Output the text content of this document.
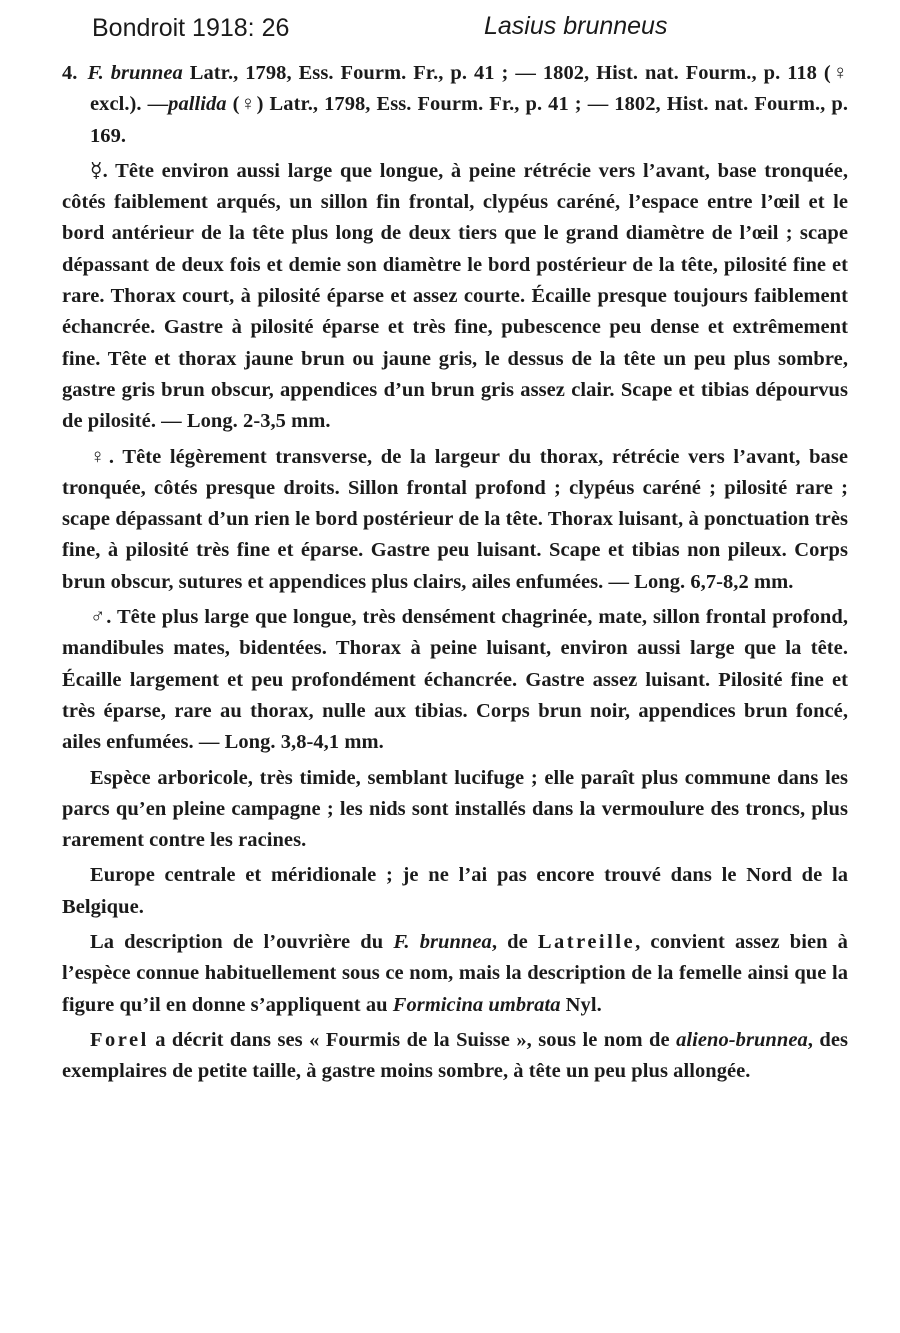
Bondroit 1918: 26	Lasius brunneus

4. F. brunnea Latr., 1798, Ess. Fourm. Fr., p. 41 ; — 1802, Hist. nat. Fourm., p. 118 (♀ excl.). —pallida (♀) Latr., 1798, Ess. Fourm. Fr., p. 41 ; — 1802, Hist. nat. Fourm., p. 169.

☿. Tête environ aussi large que longue, à peine rétrécie vers l’avant, base tronquée, côtés faiblement arqués, un sillon fin frontal, clypéus caréné, l’espace entre l’œil et le bord antérieur de la tête plus long de deux tiers que le grand diamètre de l’œil ; scape dépassant de deux fois et demie son diamètre le bord postérieur de la tête, pilosité fine et rare. Thorax court, à pilosité éparse et assez courte. Écaille presque toujours faiblement échancrée. Gastre à pilosité éparse et très fine, pubescence peu dense et extrêmement fine. Tête et thorax jaune brun ou jaune gris, le dessus de la tête un peu plus sombre, gastre gris brun obscur, appendices d’un brun gris assez clair. Scape et tibias dépourvus de pilosité. — Long. 2-3,5 mm.

♀. Tête légèrement transverse, de la largeur du thorax, rétrécie vers l’avant, base tronquée, côtés presque droits. Sillon frontal profond ; clypéus caréné ; pilosité rare ; scape dépassant d’un rien le bord postérieur de la tête. Thorax luisant, à ponctuation très fine, à pilosité très fine et éparse. Gastre peu luisant. Scape et tibias non pileux. Corps brun obscur, sutures et appendices plus clairs, ailes enfumées. — Long. 6,7-8,2 mm.

♂. Tête plus large que longue, très densément chagrinée, mate, sillon frontal profond, mandibules mates, bidentées. Thorax à peine luisant, environ aussi large que la tête. Écaille largement et peu profondément échancrée. Gastre assez luisant. Pilosité fine et très éparse, rare au thorax, nulle aux tibias. Corps brun noir, appendices brun foncé, ailes enfumées. — Long. 3,8-4,1 mm.

Espèce arboricole, très timide, semblant lucifuge ; elle paraît plus commune dans les parcs qu’en pleine campagne ; les nids sont installés dans la vermoulure des troncs, plus rarement contre les racines.

Europe centrale et méridionale ; je ne l’ai pas encore trouvé dans le Nord de la Belgique.

La description de l’ouvrière du F. brunnea, de Latreille, convient assez bien à l’espèce connue habituellement sous ce nom, mais la description de la femelle ainsi que la figure qu’il en donne s’appliquent au Formicina umbrata Nyl.

Forel a décrit dans ses « Fourmis de la Suisse », sous le nom de alieno-brunnea, des exemplaires de petite taille, à gastre moins sombre, à tête un peu plus allongée.
